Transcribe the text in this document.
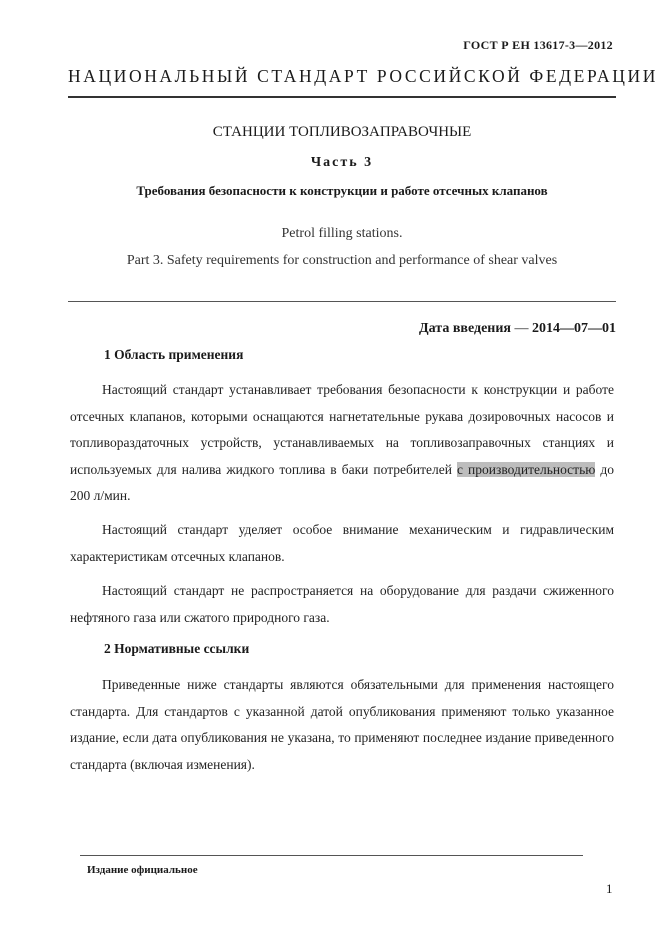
ГОСТ Р ЕН 13617-3—2012
НАЦИОНАЛЬНЫЙ СТАНДАРТ РОССИЙСКОЙ ФЕДЕРАЦИИ
СТАНЦИИ ТОПЛИВОЗАПРАВОЧНЫЕ
Часть 3
Требования безопасности к конструкции и работе отсечных клапанов
Petrol filling stations.
Part 3. Safety requirements for construction and performance of shear valves
Дата введения — 2014—07—01
1 Область применения
Настоящий стандарт устанавливает требования безопасности к конструкции и работе отсечных клапанов, которыми оснащаются нагнетательные рукава дозировочных насосов и топливораздаточных устройств, устанавливаемых на топливозаправочных станциях и используемых для налива жидкого топлива в баки потребителей с производительностью до 200 л/мин.
Настоящий стандарт уделяет особое внимание механическим и гидравлическим характеристикам отсечных клапанов.
Настоящий стандарт не распространяется на оборудование для раздачи сжиженного нефтяного газа или сжатого природного газа.
2 Нормативные ссылки
Приведенные ниже стандарты являются обязательными для применения настоящего стандарта. Для стандартов с указанной датой опубликования применяют только указанное издание, если дата опубликования не указана, то применяют последнее издание приведенного стандарта (включая изменения).
Издание официальное
1
